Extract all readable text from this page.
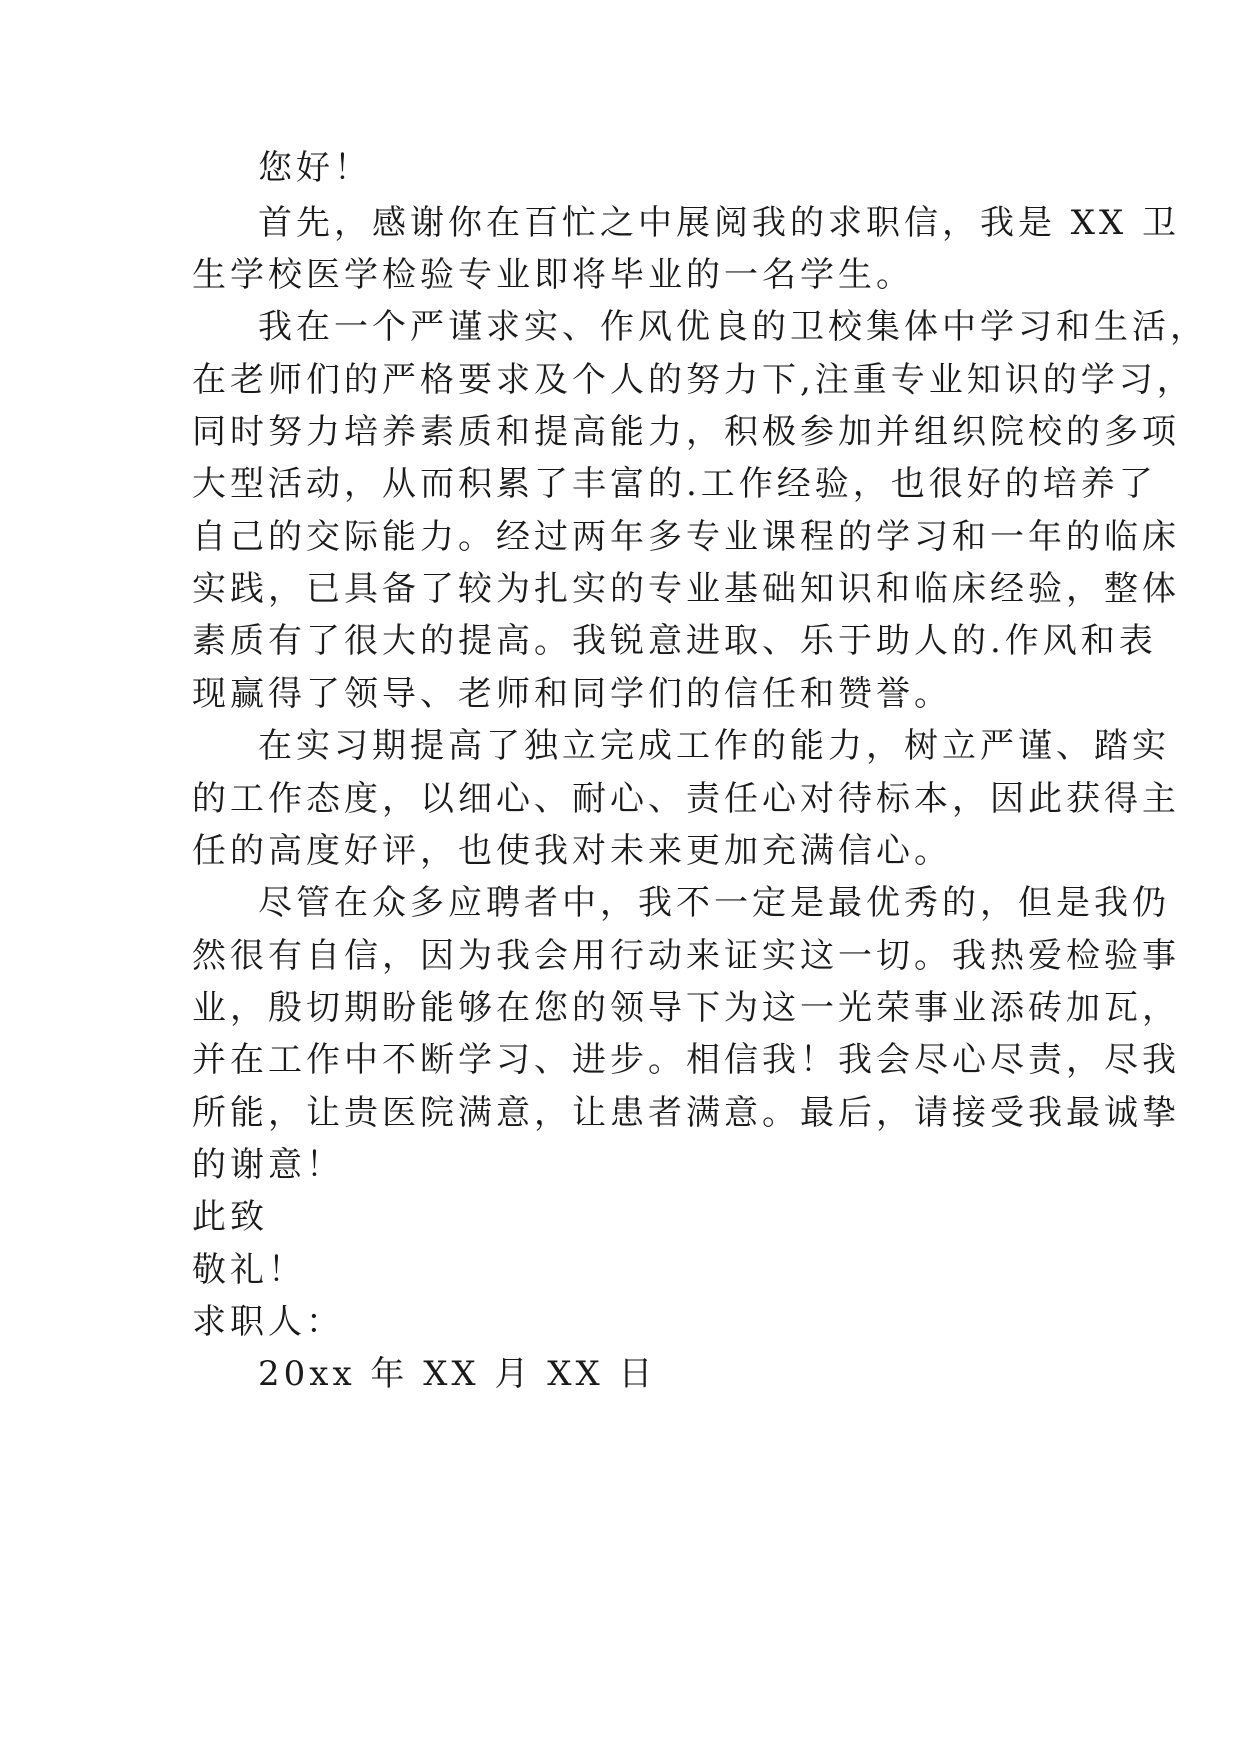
您好！
首先，感谢你在百忙之中展阅我的求职信，我是 XX 卫
生学校医学检验专业即将毕业的一名学生。
我在一个严谨求实、作风优良的卫校集体中学习和生活，
在老师们的严格要求及个人的努力下,注重专业知识的学习，
同时努力培养素质和提高能力，积极参加并组织院校的多项
大型活动，从而积累了丰富的.工作经验，也很好的培养了
自己的交际能力。经过两年多专业课程的学习和一年的临床
实践，已具备了较为扎实的专业基础知识和临床经验，整体
素质有了很大的提高。我锐意进取、乐于助人的.作风和表
现赢得了领导、老师和同学们的信任和赞誉。
在实习期提高了独立完成工作的能力，树立严谨、踏实
的工作态度，以细心、耐心、责任心对待标本，因此获得主
任的高度好评，也使我对未来更加充满信心。
尽管在众多应聘者中，我不一定是最优秀的，但是我仍
然很有自信，因为我会用行动来证实这一切。我热爱检验事
业，殷切期盼能够在您的领导下为这一光荣事业添砖加瓦，
并在工作中不断学习、进步。相信我！我会尽心尽责，尽我
所能，让贵医院满意，让患者满意。最后，请接受我最诚挚
的谢意！
此致
敬礼！
求职人：
20xx 年 XX 月 XX 日
